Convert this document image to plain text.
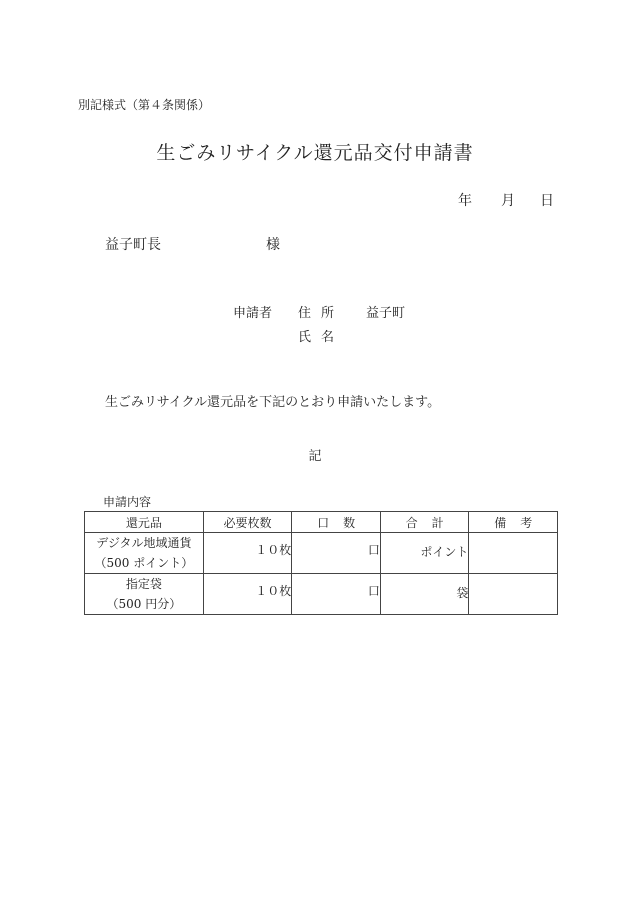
別記様式（第４条関係）
生ごみリサイクル還元品交付申請書
年 月 日
益子町長	様
申請者 住所 益子町
氏名
生ごみリサイクル還元品を下記のとおり申請いたします。
記
申請内容
還元品	必要枚数	口数	合計	備考

デジタル地域通貨
（500 ポイント）	１０枚	口	ポイント	

指定袋
（500 円分）	１０枚	口	袋	
